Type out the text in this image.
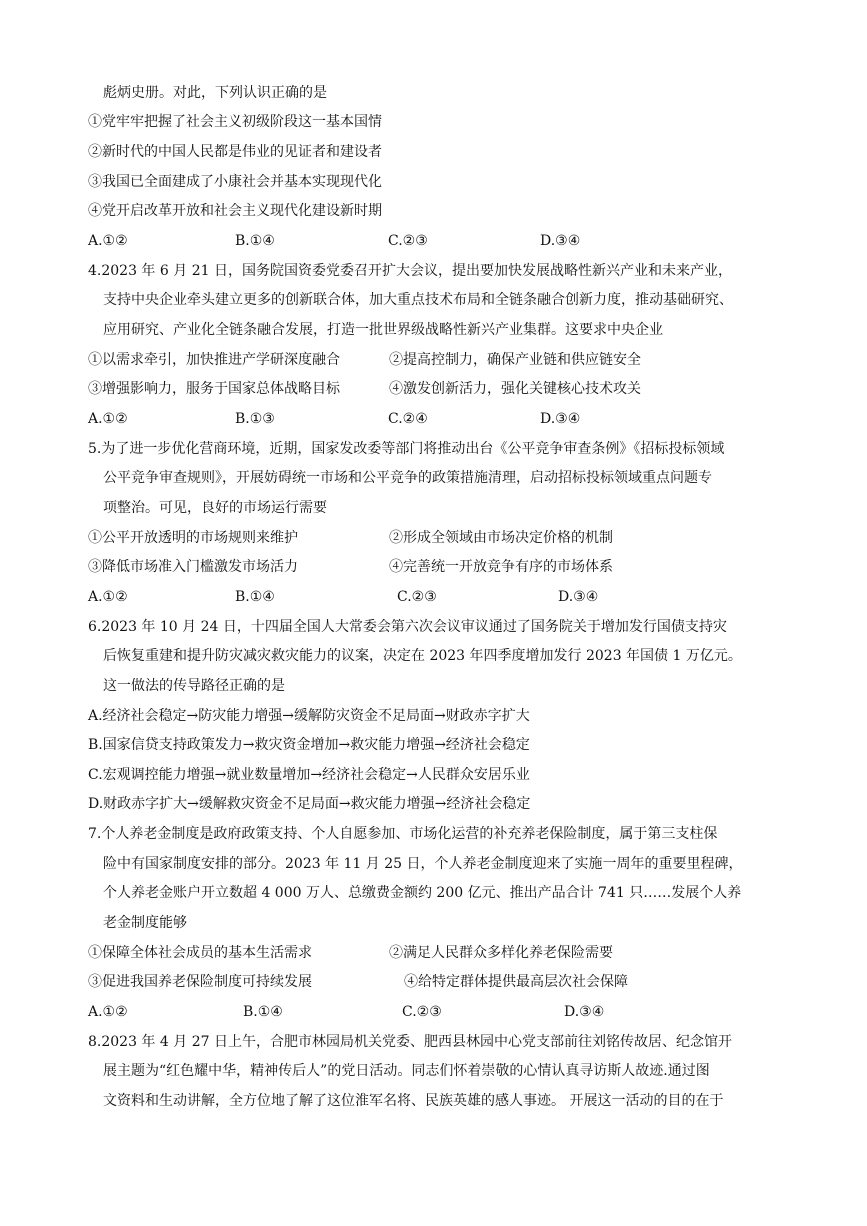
彪炳史册。对此，下列认识正确的是
①党牢牢把握了社会主义初级阶段这一基本国情
②新时代的中国人民都是伟业的见证者和建设者
③我国已全面建成了小康社会并基本实现现代化
④党开启改革开放和社会主义现代化建设新时期
A.①②	B.①④	C.②③	D.③④
4.2023 年 6 月 21 日，国务院国资委党委召开扩大会议，提出要加快发展战略性新兴产业和未来产业，
支持中央企业牵头建立更多的创新联合体，加大重点技术布局和全链条融合创新力度，推动基础研究、
应用研究、产业化全链条融合发展，打造一批世界级战略性新兴产业集群。这要求中央企业
①以需求牵引，加快推进产学研深度融合	②提高控制力，确保产业链和供应链安全
③增强影响力，服务于国家总体战略目标	④激发创新活力，强化关键核心技术攻关
A.①②	B.①③	C.②④	D.③④
5.为了进一步优化营商环境，近期，国家发改委等部门将推动出台《公平竞争审查条例》《招标投标领域
公平竞争审查规则》，开展妨碍统一市场和公平竞争的政策措施清理，启动招标投标领域重点问题专
项整治。可见，良好的市场运行需要
①公平开放透明的市场规则来维护	②形成全领域由市场决定价格的机制
③降低市场准入门槛激发市场活力	④完善统一开放竞争有序的市场体系
A.①②	B.①④	C.②③	D.③④
6.2023 年 10 月 24 日，十四届全国人大常委会第六次会议审议通过了国务院关于增加发行国债支持灾
后恢复重建和提升防灾减灾救灾能力的议案，决定在 2023 年四季度增加发行 2023 年国债 1 万亿元。
这一做法的传导路径正确的是
A.经济社会稳定→防灾能力增强→缓解防灾资金不足局面→财政赤字扩大
B.国家信贷支持政策发力→救灾资金增加→救灾能力增强→经济社会稳定
C.宏观调控能力增强→就业数量增加→经济社会稳定→人民群众安居乐业
D.财政赤字扩大→缓解救灾资金不足局面→救灾能力增强→经济社会稳定
7.个人养老金制度是政府政策支持、个人自愿参加、市场化运营的补充养老保险制度，属于第三支柱保
险中有国家制度安排的部分。2023 年 11 月 25 日，个人养老金制度迎来了实施一周年的重要里程碑，
个人养老金账户开立数超 4 000 万人、总缴费金额约 200 亿元、推出产品合计 741 只……发展个人养
老金制度能够
①保障全体社会成员的基本生活需求	②满足人民群众多样化养老保险需要
③促进我国养老保险制度可持续发展	④给特定群体提供最高层次社会保障
A.①②	B.①④	C.②③	D.③④
8.2023 年 4 月 27 日上午，合肥市林园局机关党委、肥西县林园中心党支部前往刘铭传故居、纪念馆开
展主题为“红色耀中华，精神传后人”的党日活动。同志们怀着崇敬的心情认真寻访斯人故迹.通过图
文资料和生动讲解，全方位地了解了这位淮军名将、民族英雄的感人事迹。 开展这一活动的目的在于
